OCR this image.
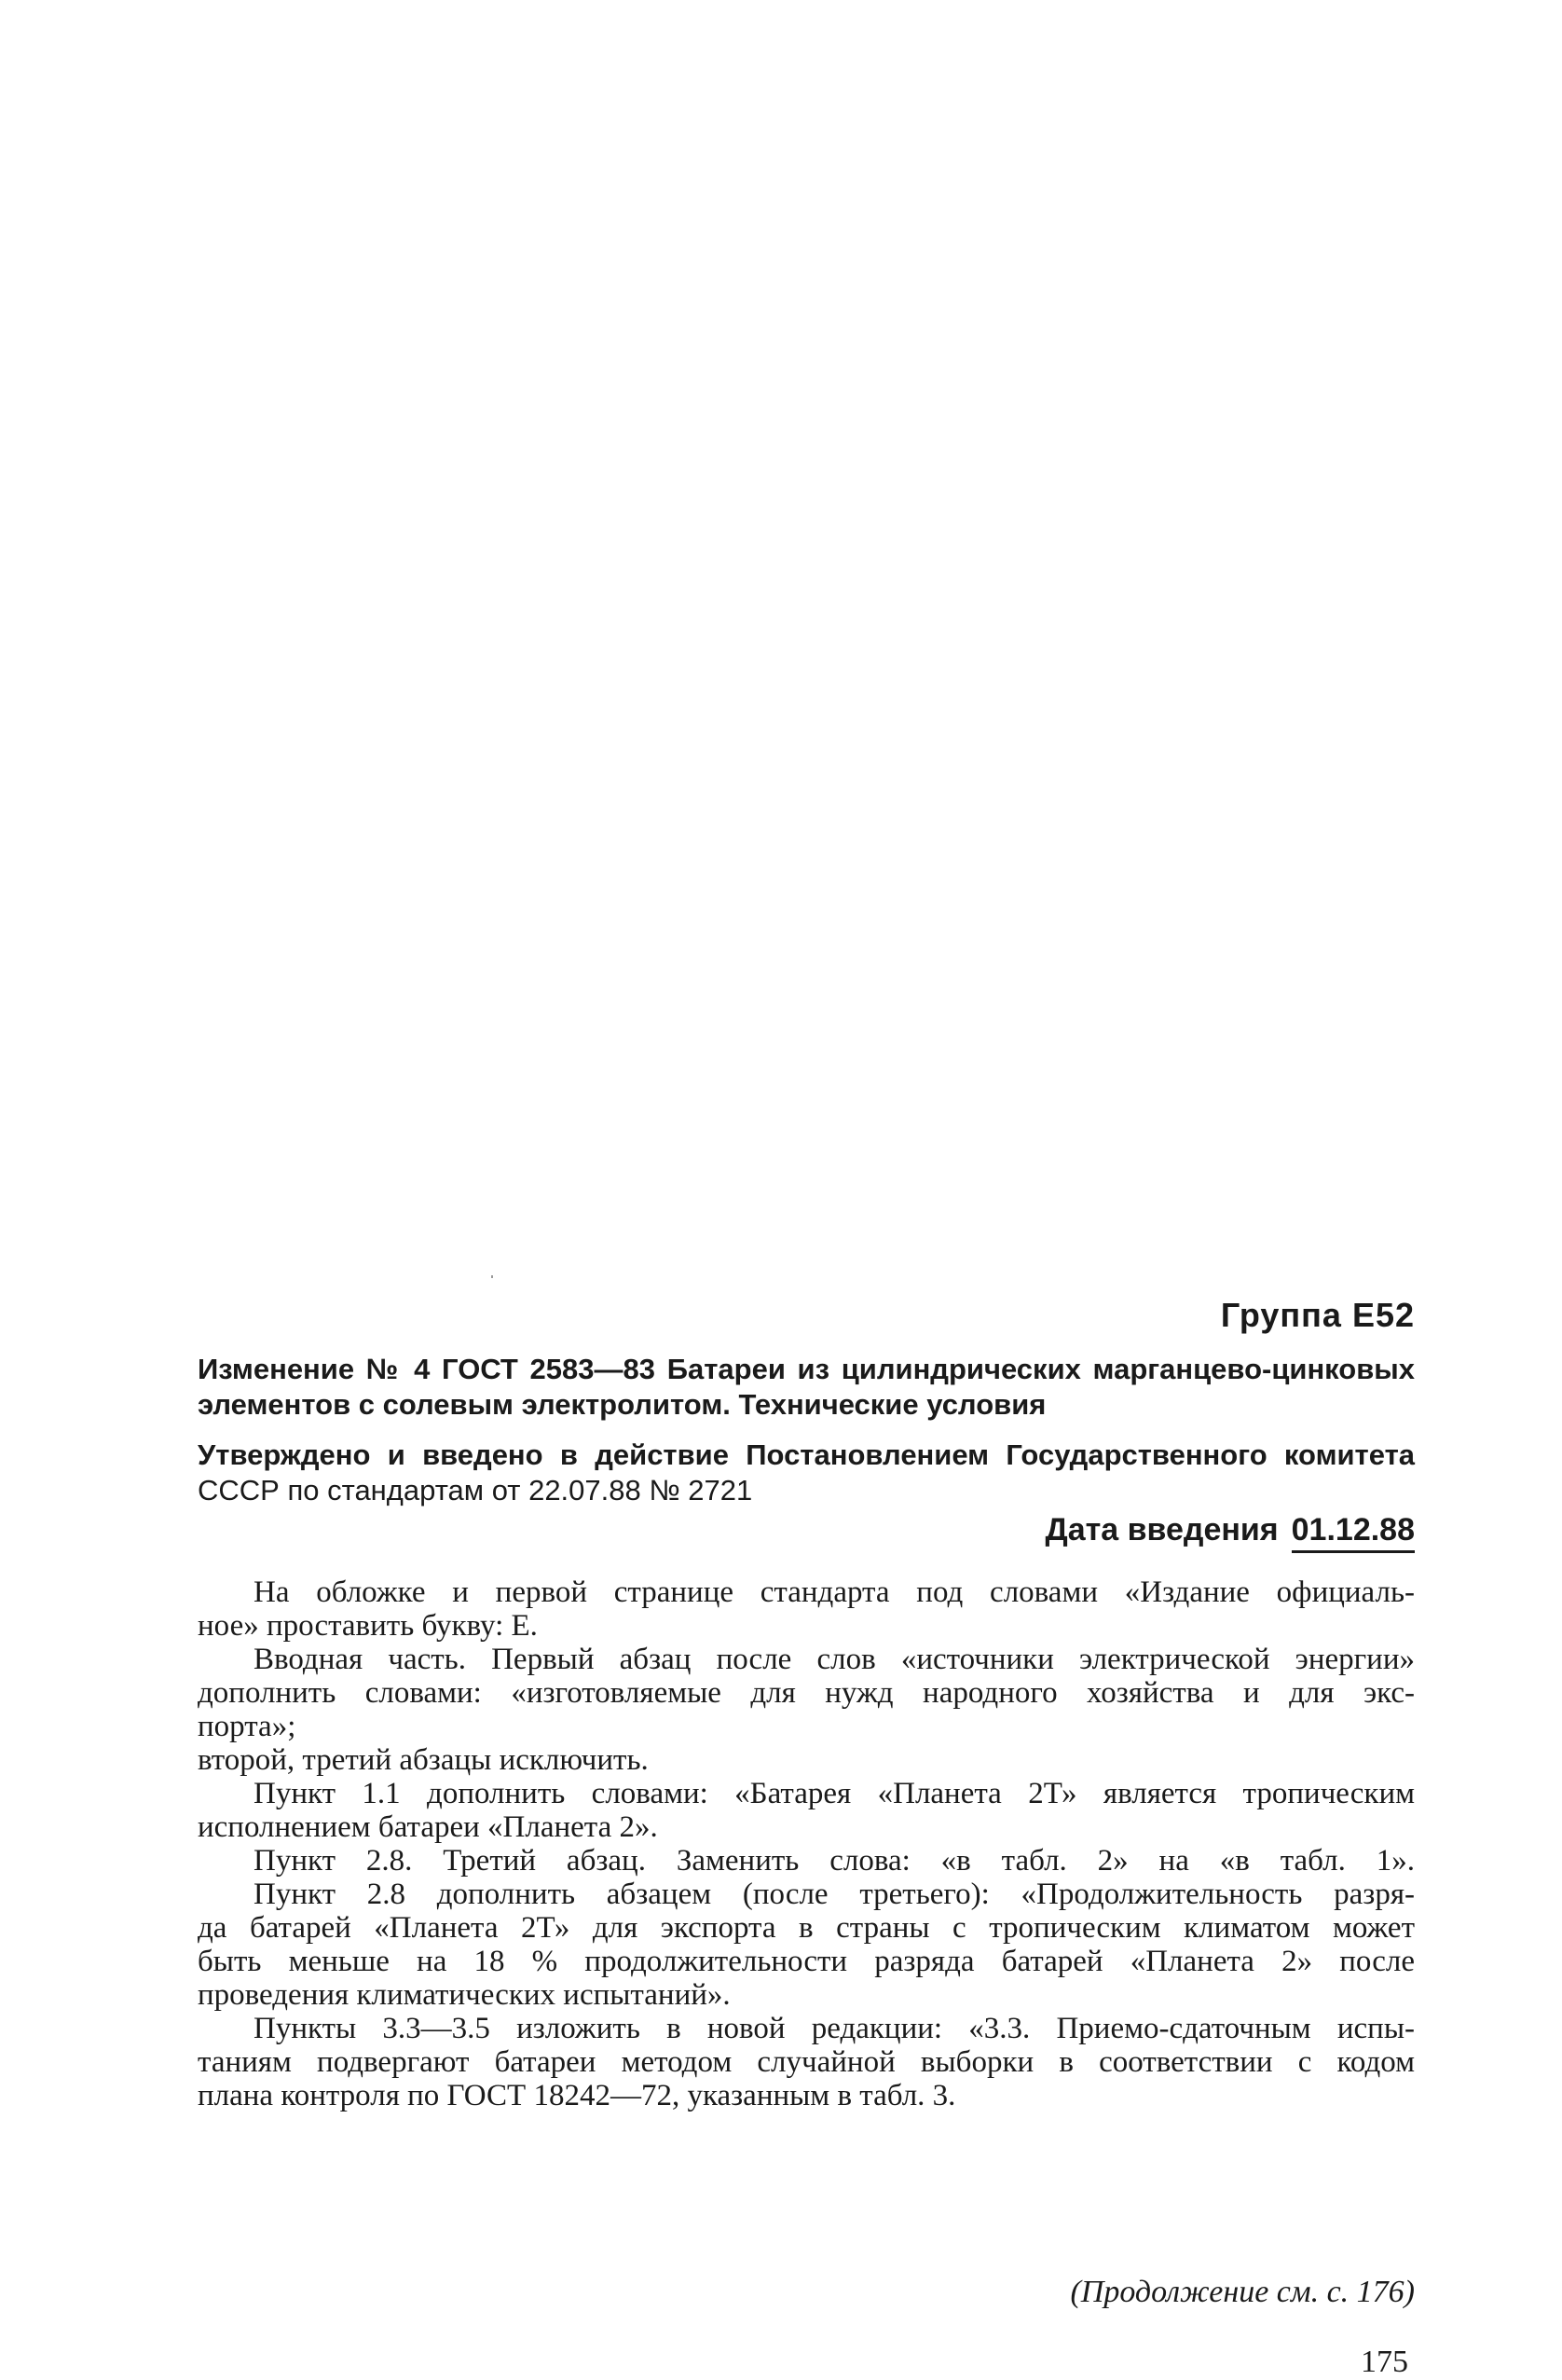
Группа Е52
Изменение № 4 ГОСТ 2583—83 Батареи из цилиндрических марганцево-цинковых элементов с солевым электролитом. Технические условия
Утверждено и введено в действие Постановлением Государственного комитета
СССР по стандартам от 22.07.88 № 2721
Дата введения 01.12.88
На обложке и первой странице стандарта под словами «Издание официаль-
ное» проставить букву: Е.
Вводная часть. Первый абзац после слов «источники электрической энергии»
дополнить словами: «изготовляемые для нужд народного хозяйства и для экс-
порта»;
второй, третий абзацы исключить.
Пункт 1.1 дополнить словами: «Батарея «Планета 2Т» является тропическим
исполнением батареи «Планета 2».
Пункт 2.8. Третий абзац. Заменить слова: «в табл. 2» на «в табл. 1».
Пункт 2.8 дополнить абзацем (после третьего): «Продолжительность разря-
да батарей «Планета 2Т» для экспорта в страны с тропическим климатом может
быть меньше на 18 % продолжительности разряда батарей «Планета 2» после
проведения климатических испытаний».
Пункты 3.3—3.5 изложить в новой редакции: «3.3. Приемо-сдаточным испы-
таниям подвергают батареи методом случайной выборки в соответствии с кодом
плана контроля по ГОСТ 18242—72, указанным в табл. 3.
(Продолжение см. с. 176)
175
